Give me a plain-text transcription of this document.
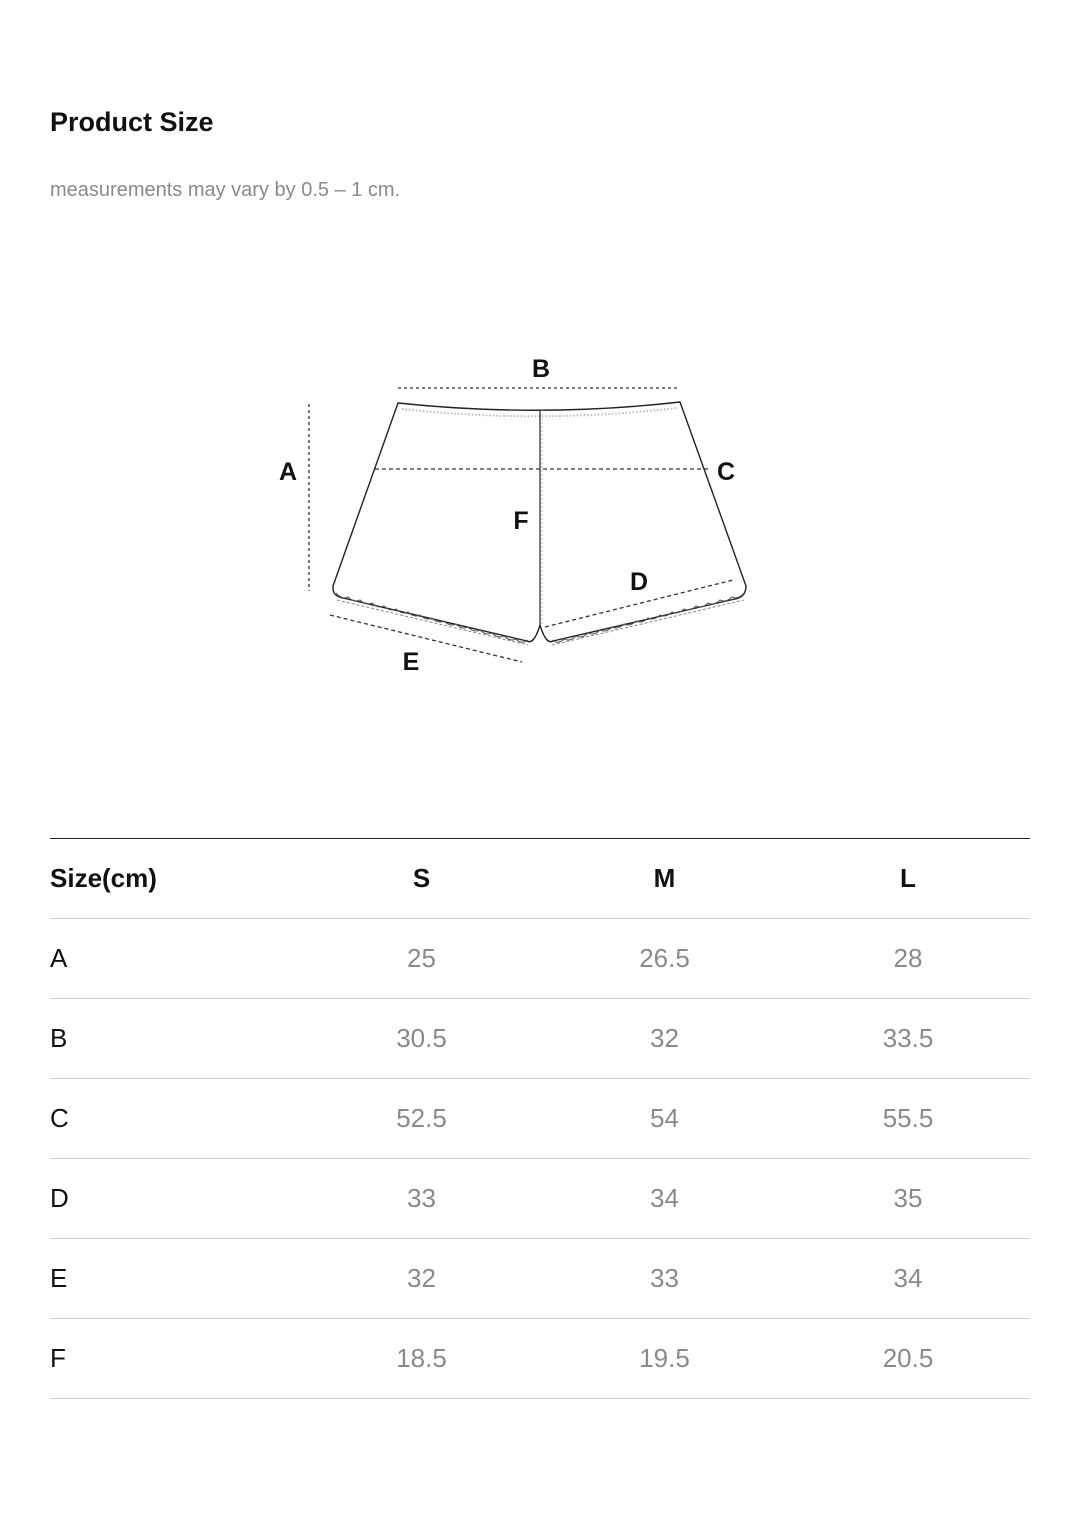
Product Size

measurements may vary by 0.5 – 1 cm.

A
B
C
D
E
F
Size(cm)	S	M	L
A	25	26.5	28
B	30.5	32	33.5
C	52.5	54	55.5
D	33	34	35
E	32	33	34
F	18.5	19.5	20.5
